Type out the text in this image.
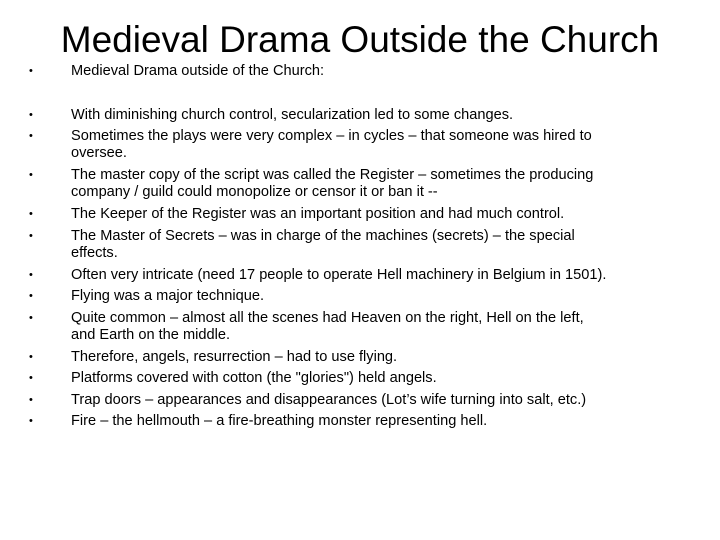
Medieval Drama Outside the Church
•	Medieval Drama outside of the Church:
•	With diminishing church control, secularization led to some changes.
•	Sometimes the plays were very complex – in cycles – that someone was hired to
oversee.
•	The master copy of the script was called the Register – sometimes the producing
company / guild could monopolize or censor it or ban it --
•	The Keeper of the Register was an important position and had much control.
•	The Master of Secrets – was in charge of the machines (secrets) – the special
effects.
•	Often very intricate (need 17 people to operate Hell machinery in Belgium in 1501).
•	Flying was a major technique.
•	Quite common – almost all the scenes had Heaven on the right, Hell on the left,
and Earth on the middle.
•	Therefore, angels, resurrection – had to use flying.
•	Platforms covered with cotton (the "glories") held angels.
•	Trap doors – appearances and disappearances (Lot’s wife turning into salt, etc.)
•	Fire – the hellmouth – a fire-breathing monster representing hell.
